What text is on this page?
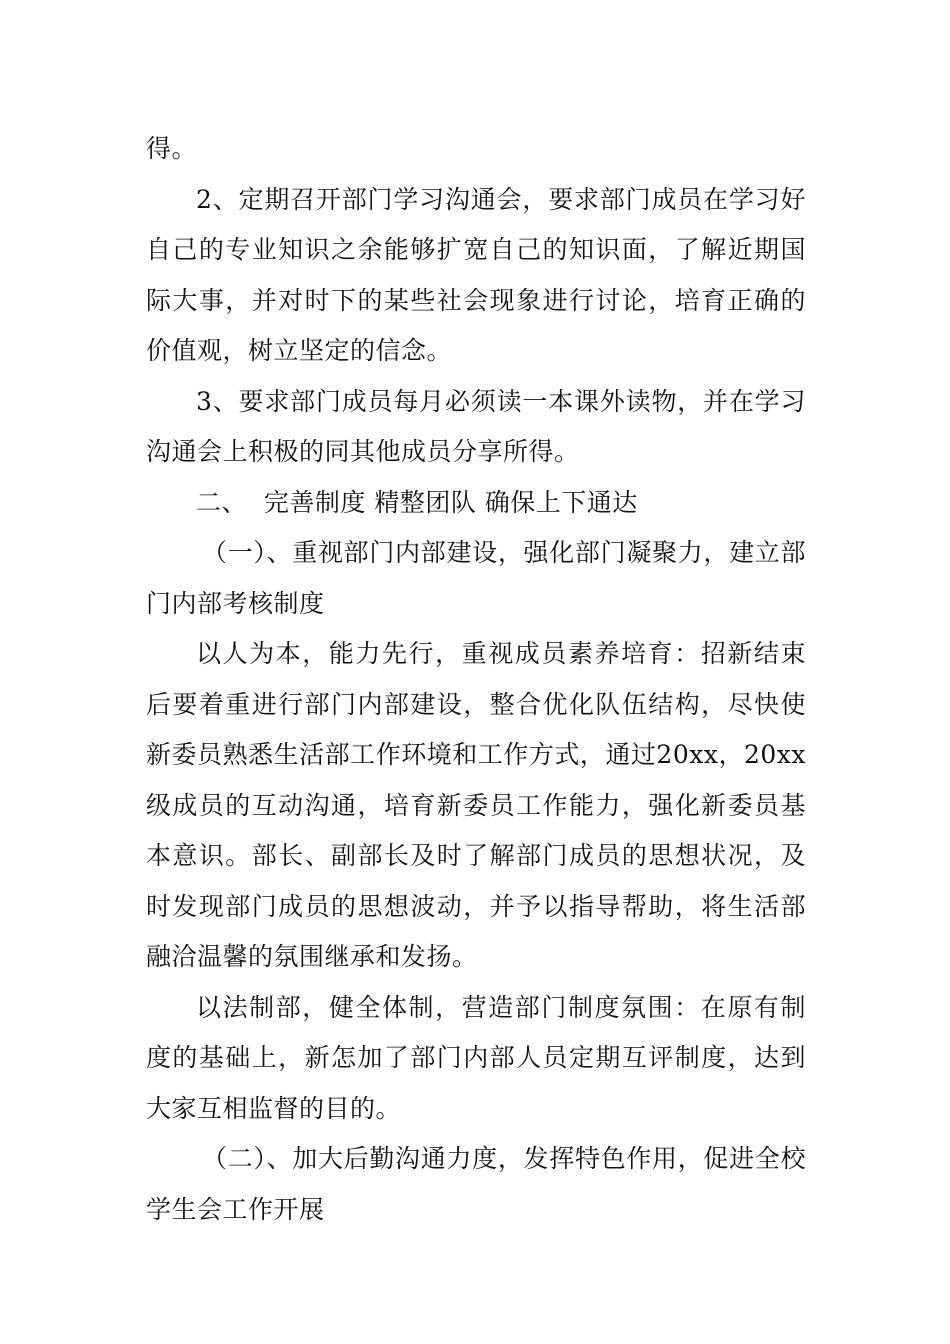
得。

2、定期召开部门学习沟通会，要求部门成员在学习好自己的专业知识之余能够扩宽自己的知识面，了解近期国际大事，并对时下的某些社会现象进行讨论，培育正确的价值观，树立坚定的信念。

3、要求部门成员每月必须读一本课外读物，并在学习沟通会上积极的同其他成员分享所得。

二、  完善制度 精整团队 确保上下通达

（一）、重视部门内部建设，强化部门凝聚力，建立部门内部考核制度

以人为本，能力先行，重视成员素养培育：招新结束后要着重进行部门内部建设，整合优化队伍结构，尽快使新委员熟悉生活部工作环境和工作方式，通过20xx，20xx级成员的互动沟通，培育新委员工作能力，强化新委员基本意识。部长、副部长及时了解部门成员的思想状况，及时发现部门成员的思想波动，并予以指导帮助，将生活部融洽温馨的氛围继承和发扬。

以法制部，健全体制，营造部门制度氛围：在原有制度的基础上，新怎加了部门内部人员定期互评制度，达到大家互相监督的目的。

（二）、加大后勤沟通力度，发挥特色作用，促进全校学生会工作开展
